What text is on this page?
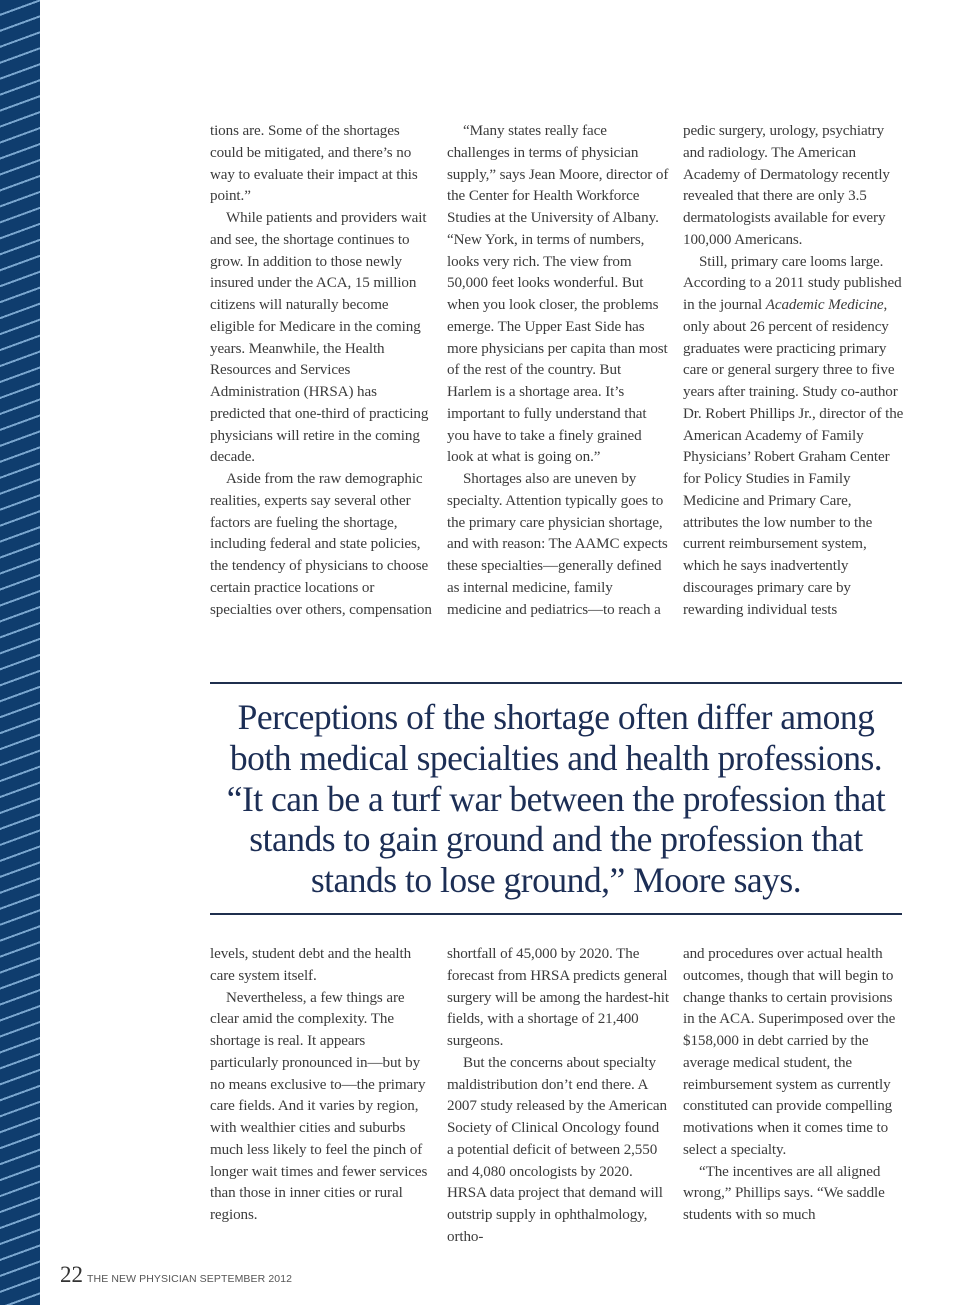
tions are. Some of the shortages could be mitigated, and there’s no way to evaluate their impact at this point.”

While patients and providers wait and see, the shortage continues to grow. In addition to those newly insured under the ACA, 15 million citizens will naturally become eligible for Medicare in the coming years. Meanwhile, the Health Resources and Services Administration (HRSA) has predicted that one-third of practicing physicians will retire in the coming decade.

Aside from the raw demographic realities, experts say several other factors are fueling the shortage, including federal and state policies, the tendency of physicians to choose certain practice locations or specialties over others, compensation

“Many states really face challenges in terms of physician supply,” says Jean Moore, director of the Center for Health Workforce Studies at the University of Albany. “New York, in terms of numbers, looks very rich. The view from 50,000 feet looks wonderful. But when you look closer, the problems emerge. The Upper East Side has more physicians per capita than most of the rest of the country. But Harlem is a shortage area. It’s important to fully understand that you have to take a finely grained look at what is going on.”

Shortages also are uneven by specialty. Attention typically goes to the primary care physician shortage, and with reason: The AAMC expects these specialties—generally defined as internal medicine, family medicine and pediatrics—to reach a

pedic surgery, urology, psychiatry and radiology. The American Academy of Dermatology recently revealed that there are only 3.5 dermatologists available for every 100,000 Americans.

Still, primary care looms large. According to a 2011 study published in the journal Academic Medicine, only about 26 percent of residency graduates were practicing primary care or general surgery three to five years after training. Study co-author Dr. Robert Phillips Jr., director of the American Academy of Family Physicians’ Robert Graham Center for Policy Studies in Family Medicine and Primary Care, attributes the low number to the current reimbursement system, which he says inadvertently discourages primary care by rewarding individual tests

Perceptions of the shortage often differ among both medical specialties and health professions. “It can be a turf war between the profession that stands to gain ground and the profession that stands to lose ground,” Moore says.

levels, student debt and the health care system itself.

Nevertheless, a few things are clear amid the complexity. The shortage is real. It appears particularly pronounced in—but by no means exclusive to—the primary care fields. And it varies by region, with wealthier cities and suburbs much less likely to feel the pinch of longer wait times and fewer services than those in inner cities or rural regions.

shortfall of 45,000 by 2020. The forecast from HRSA predicts general surgery will be among the hardest-hit fields, with a shortage of 21,400 surgeons.

But the concerns about specialty maldistribution don’t end there. A 2007 study released by the American Society of Clinical Oncology found a potential deficit of between 2,550 and 4,080 oncologists by 2020. HRSA data project that demand will outstrip supply in ophthalmology, ortho-

and procedures over actual health outcomes, though that will begin to change thanks to certain provisions in the ACA. Superimposed over the $158,000 in debt carried by the average medical student, the reimbursement system as currently constituted can provide compelling motivations when it comes time to select a specialty.

“The incentives are all aligned wrong,” Phillips says. “We saddle students with so much

22 THE NEW PHYSICIAN SEPTEMBER 2012
